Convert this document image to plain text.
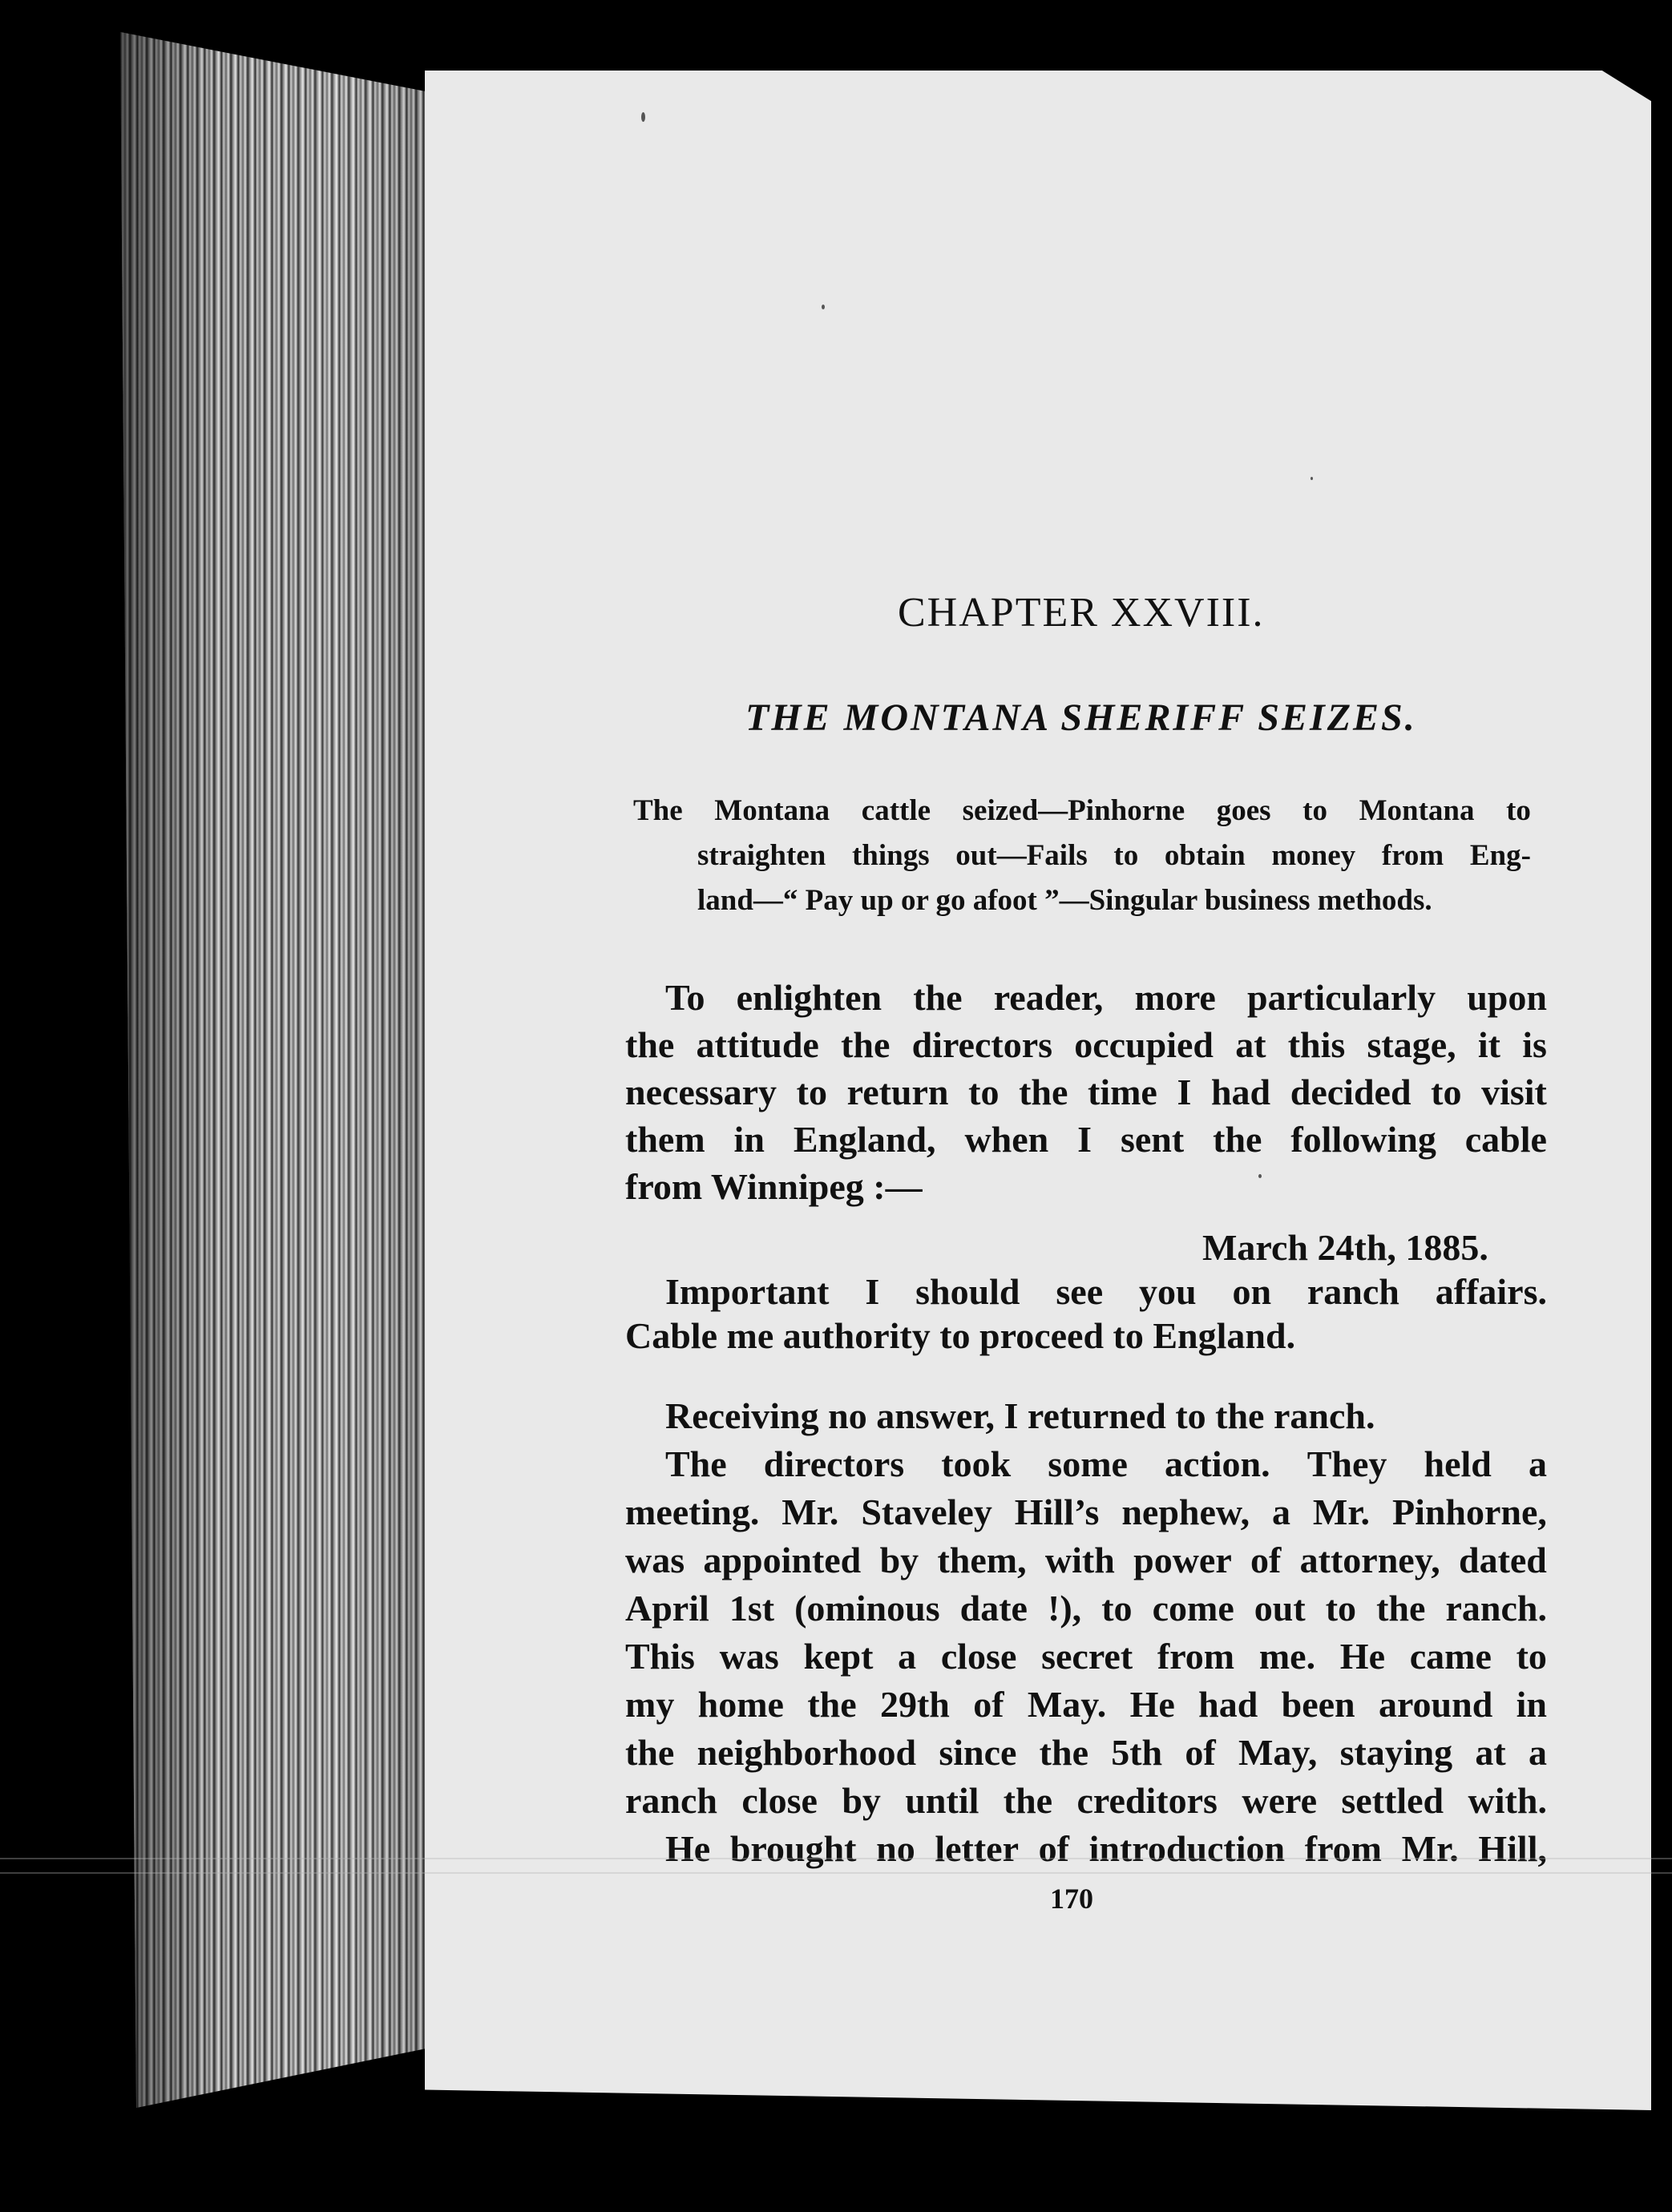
CHAPTER XXVIII.

THE MONTANA SHERIFF SEIZES.

The Montana cattle seized—Pinhorne goes to Montana to

straighten things out—Fails to obtain money from Eng-

land—“ Pay up or go afoot ”—Singular business methods.

To enlighten the reader, more particularly upon

the attitude the directors occupied at this stage, it is

necessary to return to the time I had decided to visit

them in England, when I sent the following cable

from Winnipeg :—

March 24th, 1885.

Important I should see you on ranch affairs.

Cable me authority to proceed to England.

Receiving no answer, I returned to the ranch.

The directors took some action. They held a

meeting. Mr. Staveley Hill’s nephew, a Mr. Pinhorne,

was appointed by them, with power of attorney, dated

April 1st (ominous date !), to come out to the ranch.

This was kept a close secret from me. He came to

my home the 29th of May. He had been around in

the neighborhood since the 5th of May, staying at a

ranch close by until the creditors were settled with.

He brought no letter of introduction from Mr. Hill,

170
